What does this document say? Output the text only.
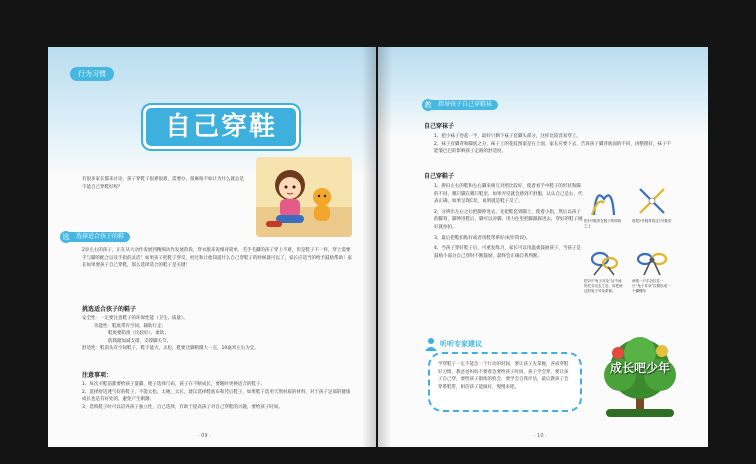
行为习惯
自己穿鞋
有很多家长都来讨论，孩子穿鞋子很难很难，需要办，很麻烦不如让为什么就总是不能自己穿鞋好呢？
选择适合孩子的鞋
选
2岁左右的孩子，正在从大动作发展到精细动作发展阶段，穿衣服来说相对简单，毛手毛脚的孩子穿上不难，但是鞋子不一样，穿上需要手与脚的配合以及手指的灵活！如果孩子把鞋子穿反，经过和让他知道什么自己穿鞋子的时候就可以了，家长应适当的给予鼓励帮助！家长如果要孩子自己穿鞋，那么选择适合的鞋子是关键！
挑选适合孩子的鞋子
安全性：一定要注意鞋子的环保性能（卫生、质量）。
功能性：鞋底带有空间、辅助行走；
鞋底要防滑（比较好）、柔软；
防践踏加减支撑，支撑脚关节。
舒适性：鞋前头有空间鞋子，鞋不能大，太松，鞋要比脚稍微大一点，10毫米左右为宜。
注意事项：
1、每次买鞋前都要给孩子量脚，使子选择尺码，孩子在不断成长，要随时更换适合的鞋子；
2、选择舒适透气好的鞋子，不能太松、太硬、太长，建议选择鞋底布和凭后鞋子，如果鞋子选用天然材质的材料，对于孩子足部的健康成长也是有好处的，避免产生刺激；
3、选购鞋子时可以培养孩子独立性，自己选择，有助于提高孩子对自己穿鞋的兴趣，要给孩子时间。
· 09 ·
指导孩子自己穿鞋袜
教
自己穿袜子
1、把小袜子卷起一半，最好只剩下袜子套脚头部分，这样比较容易穿上。
2、袜子有脚背和脚底之分，袜子上的花纹图案是在上面，家长应要下去，告诉孩子脚背底面的不同，再整理好，袜子不能皱巴巴的影响孩子走路的舒适度。
自己穿鞋子
1、辨识左右的鞋和左右脚来相互对照比较好，使着看手中鞋子的形状和脚的不同，哪只脚在哪只鞋里，如果弄反就会感到不舒服，认认自己是右，代表正确，如果呈现C状，说明就是鞋子反了。
2、分辨出左右之后把脚伸进去，先把鞋套到脚上，使着小指，然后以孩子的脚背，脚伸进鞋后，脚可以对脚，用力往里把脚跟踩进去，穿好的鞋子刚好就拍拍。
3、最后把鞋扣粘好或者用鞋带系好(初步阶段)。
4、当孩子穿好鞋子后，可重复练习，家长可以用温柔鼓励孩子，当孩子是鼓励小部分自己穿时不断鼓励，最终会正确自我判断。
把1号鞋带在鞋子的钩钩之上
再把2号鞋带绕过1号鞋带
把2号“兔子耳朵”从中间的孔穿出去之后，再把两边的兔子耳朵系紧。
两根一只手各拉住一只“兔子耳朵”拉紧形成一个蝴蝶结
听听专家建议
学穿鞋子一定不能急一个行动的时间，要让孩子先掌握，养成穿鞋好习惯，教爸爸妈妈不要着急要给孩子时间，孩子学会穿，要让孩子自己穿，要给孩子锻炼的机会，要学会自我评估，最后教孩子会穿系鞋带，相信孩子能做好，慢慢来吧。
成长吧少年
· 10 ·
